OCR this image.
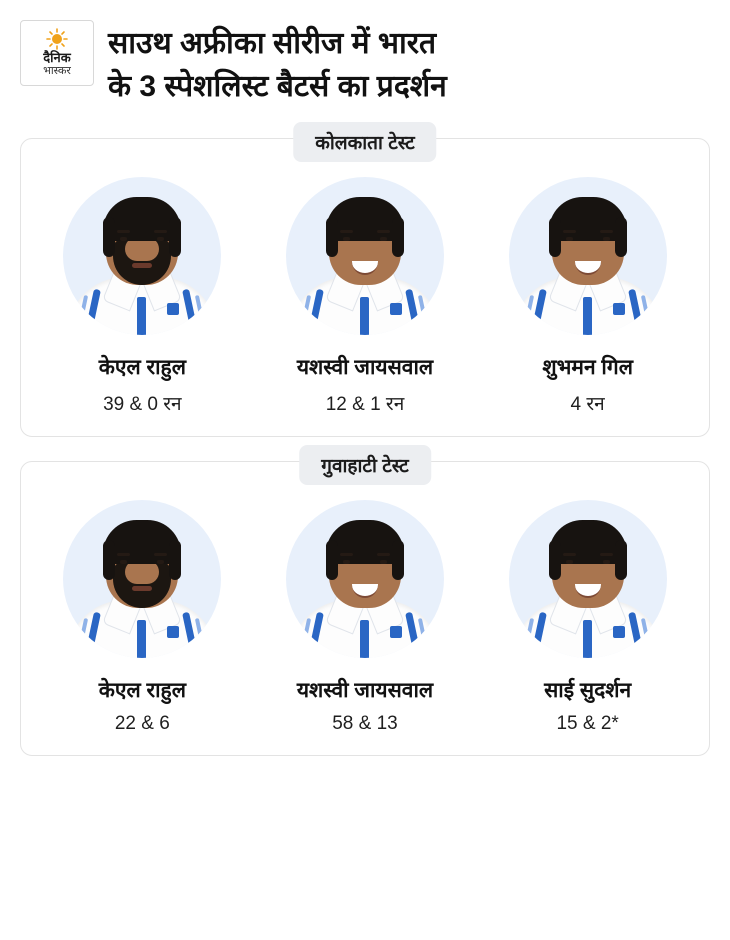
दैनिक
भास्कर
साउथ अफ्रीका सीरीज में भारत
के 3 स्पेशलिस्ट बैटर्स का प्रदर्शन
कोलकाता टेस्ट
केएल राहुल
39 & 0 रन
यशस्वी जायसवाल
12 & 1 रन
शुभमन गिल
4 रन
गुवाहाटी टेस्ट
केएल राहुल
22 & 6
यशस्वी जायसवाल
58 & 13
साई सुदर्शन
15 & 2*
